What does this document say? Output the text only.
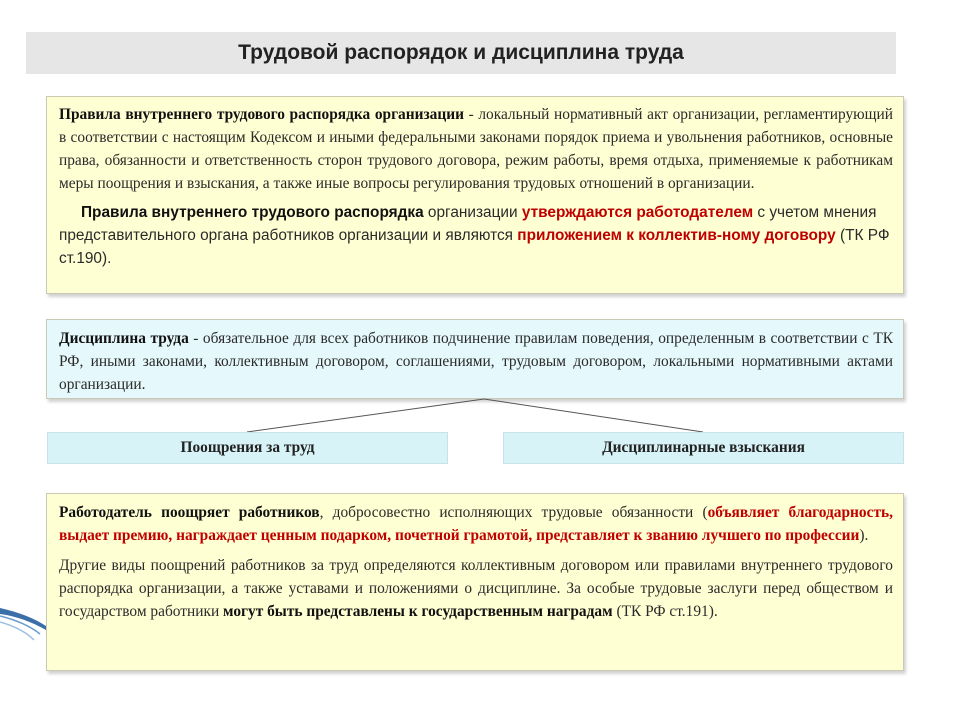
Трудовой распорядок и дисциплина труда

Правила внутреннего трудового распорядка организации - локальный нормативный акт организации, регламентирующий в соответствии с настоящим Кодексом и иными федеральными законами порядок приема и увольнения работников, основные права, обязанности и ответственность сторон трудового договора, режим работы, время отдыха, применяемые к работникам меры поощрения и взыскания, а также иные вопросы регулирования трудовых отношений в организации.

Правила внутреннего трудового распорядка организации утверждаются работодателем с учетом мнения представительного органа работников организации и являются приложением к коллектив-ному договору (ТК РФ ст.190).

Дисциплина труда - обязательное для всех работников подчинение правилам поведения, определенным в соответствии с ТК РФ, иными законами, коллективным договором, соглашениями, трудовым договором, локальными нормативными актами организации.

Поощрения за труд	Дисциплинарные взыскания

Работодатель поощряет работников, добросовестно исполняющих трудовые обязанности (объявляет благодарность, выдает премию, награждает ценным подарком, почетной грамотой, представляет к званию лучшего по профессии).

Другие виды поощрений работников за труд определяются коллективным договором или правилами внутреннего трудового распорядка организации, а также уставами и положениями о дисциплине. За особые трудовые заслуги перед обществом и государством работники могут быть представлены к государственным наградам (ТК РФ ст.191).
